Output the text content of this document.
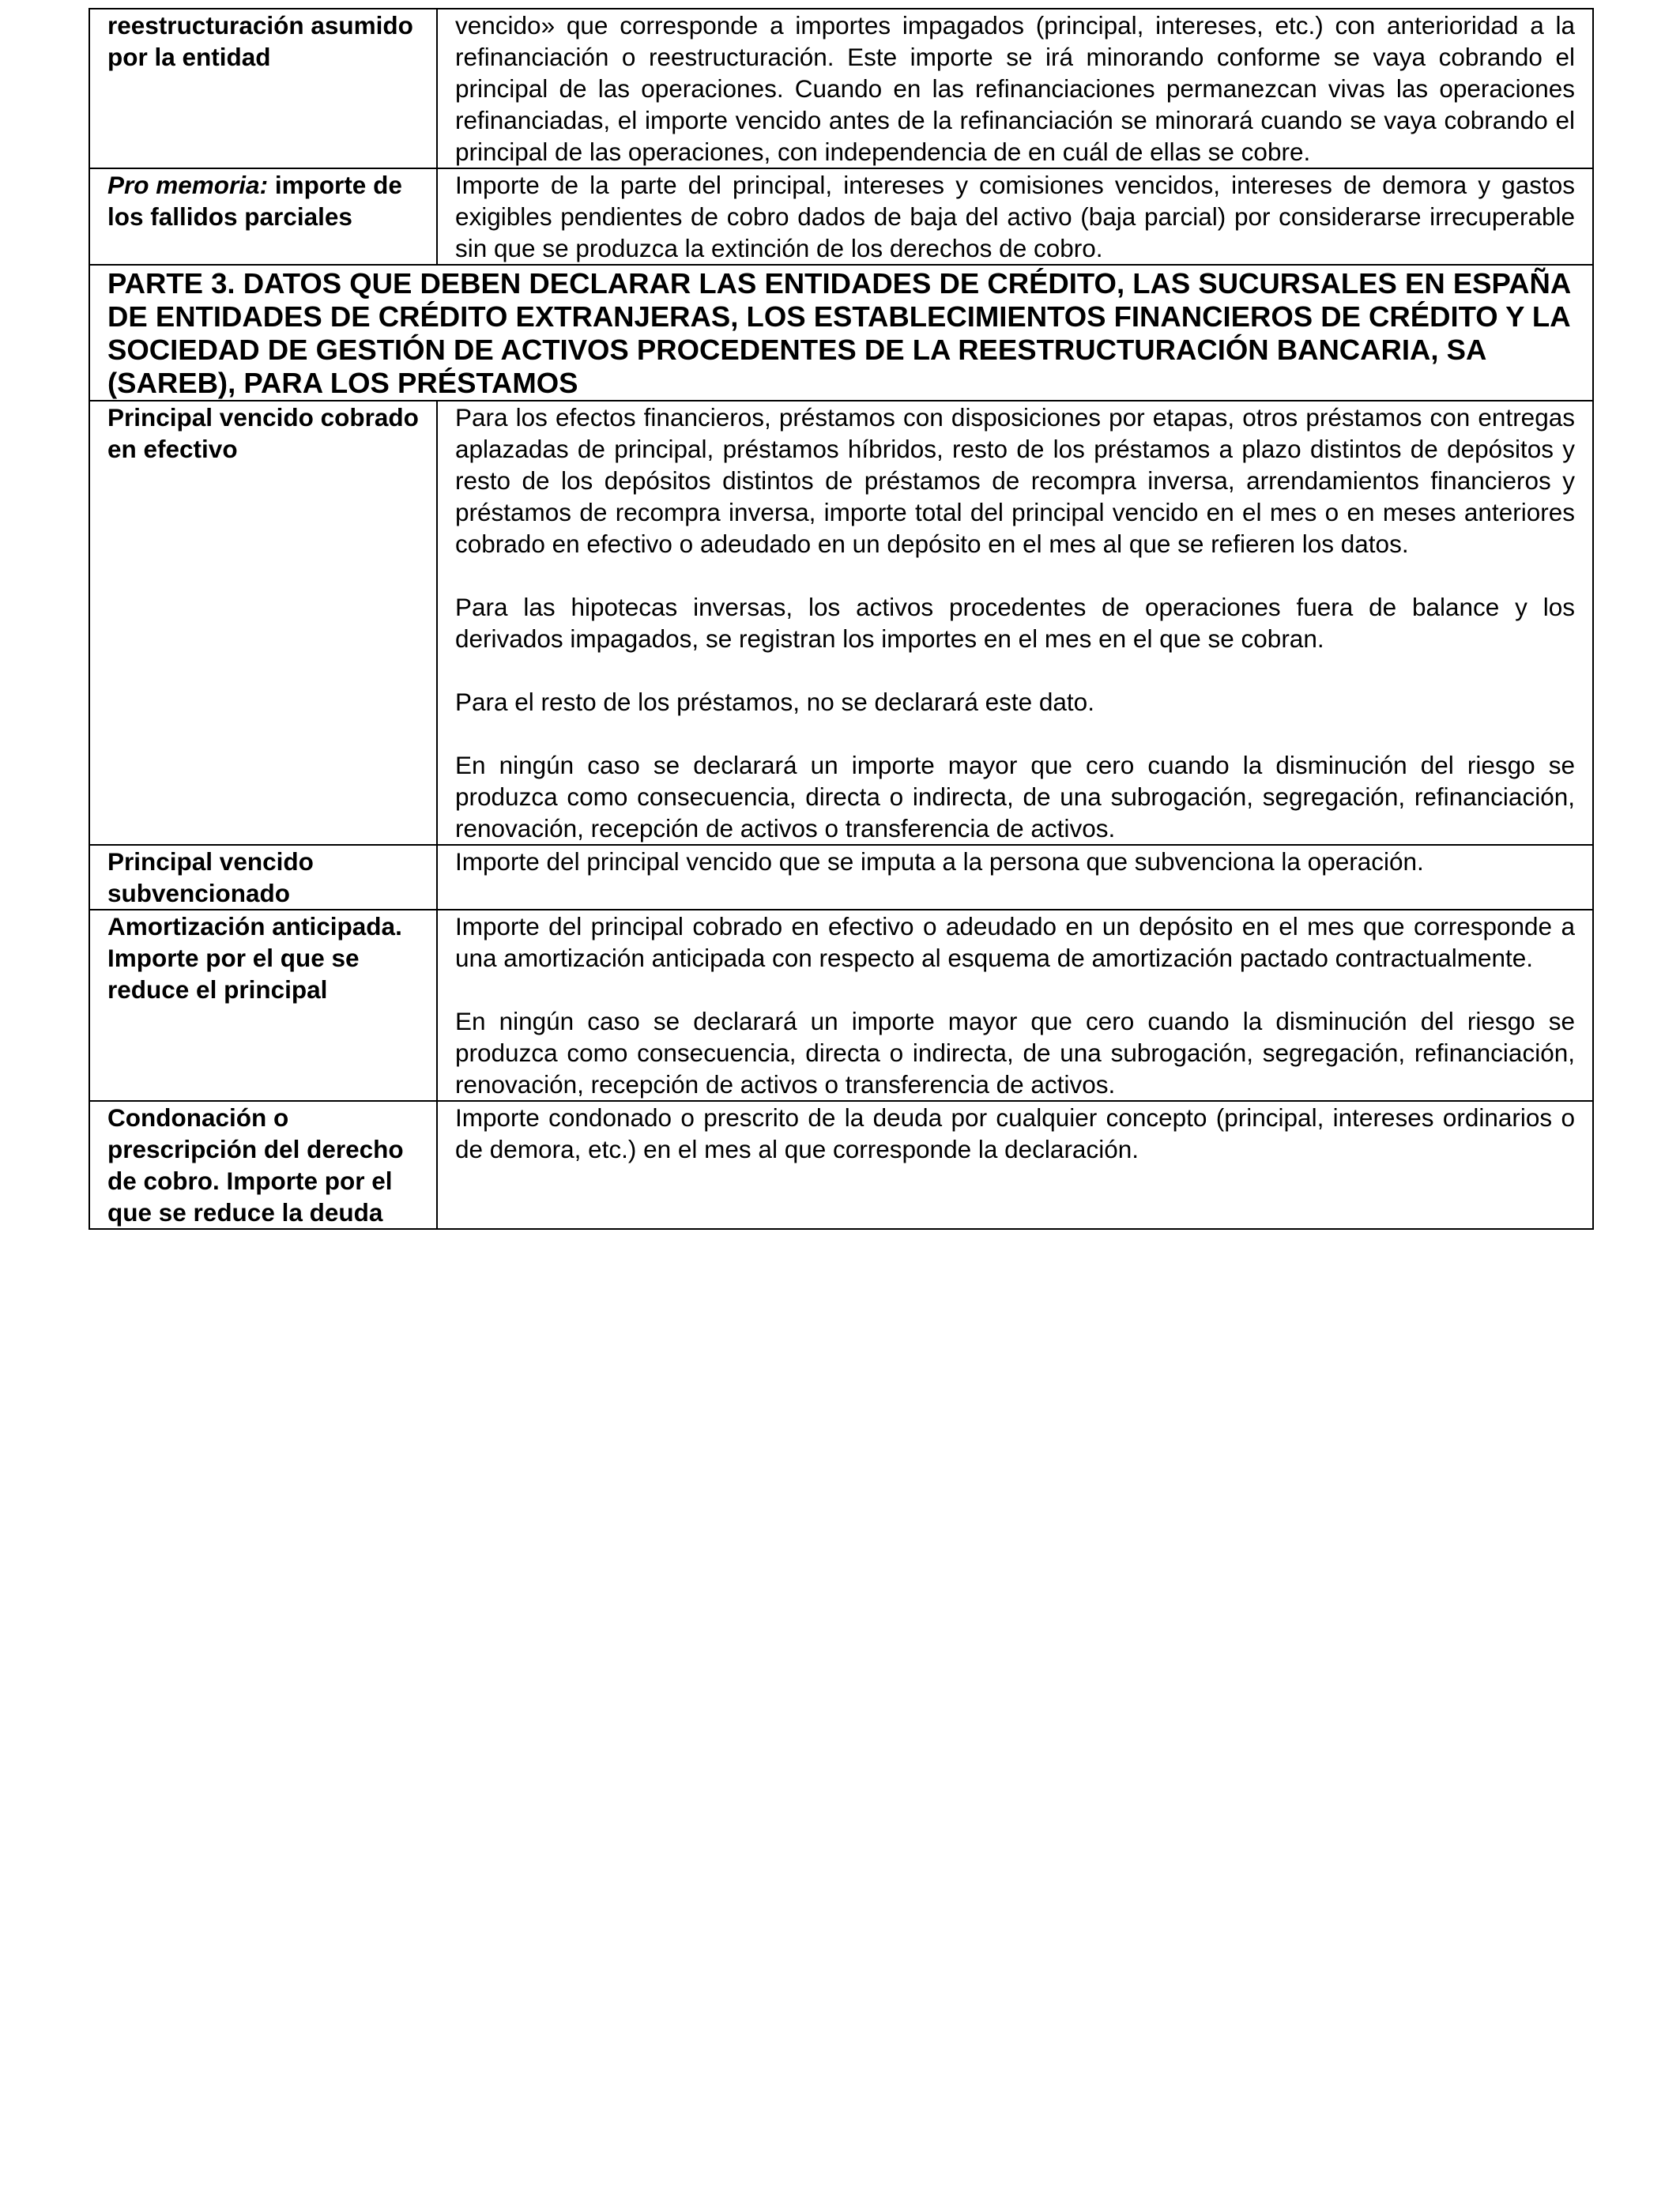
reestructuración asumido por la entidad	vencido» que corresponde a importes impagados (principal, intereses, etc.) con anterioridad a la refinanciación o reestructuración. Este importe se irá minorando conforme se vaya cobrando el principal de las operaciones. Cuando en las refinanciaciones permanezcan vivas las operaciones refinanciadas, el importe vencido antes de la refinanciación se minorará cuando se vaya cobrando el principal de las operaciones, con independencia de en cuál de ellas se cobre.

Pro memoria: importe de los fallidos parciales	Importe de la parte del principal, intereses y comisiones vencidos, intereses de demora y gastos exigibles pendientes de cobro dados de baja del activo (baja parcial) por considerarse irrecuperable sin que se produzca la extinción de los derechos de cobro.

PARTE 3. DATOS QUE DEBEN DECLARAR LAS ENTIDADES DE CRÉDITO, LAS SUCURSALES EN ESPAÑA DE ENTIDADES DE CRÉDITO EXTRANJERAS, LOS ESTABLECIMIENTOS FINANCIEROS DE CRÉDITO Y LA SOCIEDAD DE GESTIÓN DE ACTIVOS PROCEDENTES DE LA REESTRUCTURACIÓN BANCARIA, SA (SAREB), PARA LOS PRÉSTAMOS	
Principal vencido cobrado en efectivo	Para los efectos financieros, préstamos con disposiciones por etapas, otros préstamos con entregas aplazadas de principal, préstamos híbridos, resto de los préstamos a plazo distintos de depósitos y resto de los depósitos distintos de préstamos de recompra inversa, arrendamientos financieros y préstamos de recompra inversa, importe total del principal vencido en el mes o en meses anteriores cobrado en efectivo o adeudado en un depósito en el mes al que se refieren los datos.

Para las hipotecas inversas, los activos procedentes de operaciones fuera de balance y los derivados impagados, se registran los importes en el mes en el que se cobran.

Para el resto de los préstamos, no se declarará este dato.

En ningún caso se declarará un importe mayor que cero cuando la disminución del riesgo se produzca como consecuencia, directa o indirecta, de una subrogación, segregación, refinanciación, renovación, recepción de activos o transferencia de activos.

Principal vencido subvencionado	Importe del principal vencido que se imputa a la persona que subvenciona la operación.

Amortización anticipada. Importe por el que se reduce el principal	Importe del principal cobrado en efectivo o adeudado en un depósito en el mes que corresponde a una amortización anticipada con respecto al esquema de amortización pactado contractualmente.

En ningún caso se declarará un importe mayor que cero cuando la disminución del riesgo se produzca como consecuencia, directa o indirecta, de una subrogación, segregación, refinanciación, renovación, recepción de activos o transferencia de activos.

Condonación o prescripción del derecho de cobro. Importe por el que se reduce la deuda	Importe condonado o prescrito de la deuda por cualquier concepto (principal, intereses ordinarios o de demora, etc.) en el mes al que corresponde la declaración.
